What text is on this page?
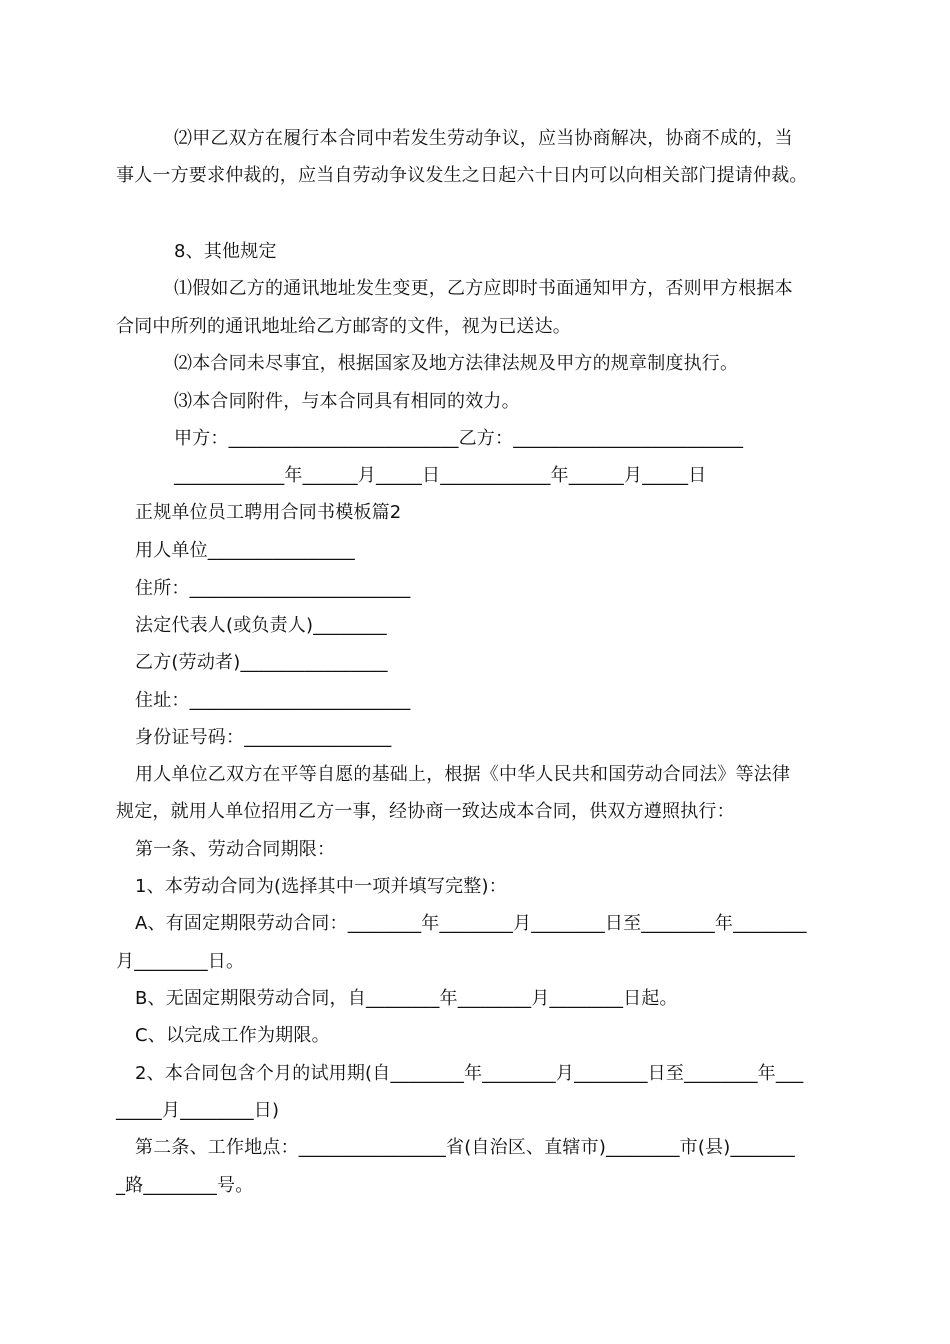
⑵甲乙双方在履行本合同中若发生劳动争议，应当协商解决，协商不成的，当
事人一方要求仲裁的，应当自劳动争议发生之日起六十日内可以向相关部门提请仲裁。
8、其他规定
⑴假如乙方的通讯地址发生变更，乙方应即时书面通知甲方，否则甲方根据本
合同中所列的通讯地址给乙方邮寄的文件，视为已送达。
⑵本合同未尽事宜，根据国家及地方法律法规及甲方的规章制度执行。
⑶本合同附件，与本合同具有相同的效力。
甲方：_________________________乙方：_________________________
____________年______月_____日____________年______月_____日
正规单位员工聘用合同书模板篇2
用人单位________________
住所：________________________
法定代表人(或负责人)________
乙方(劳动者)________________
住址：________________________
身份证号码：________________
用人单位乙双方在平等自愿的基础上，根据《中华人民共和国劳动合同法》等法律
规定，就用人单位招用乙方一事，经协商一致达成本合同，供双方遵照执行：
第一条、劳动合同期限：
1、本劳动合同为(选择其中一项并填写完整)：
A、有固定期限劳动合同：________年________月________日至________年________
月________日。
B、无固定期限劳动合同，自________年________月________日起。
C、以完成工作为期限。
2、本合同包含个月的试用期(自________年________月________日至________年___
_____月________日)
第二条、工作地点：________________省(自治区、直辖市)________市(县)_______
_路________号。
